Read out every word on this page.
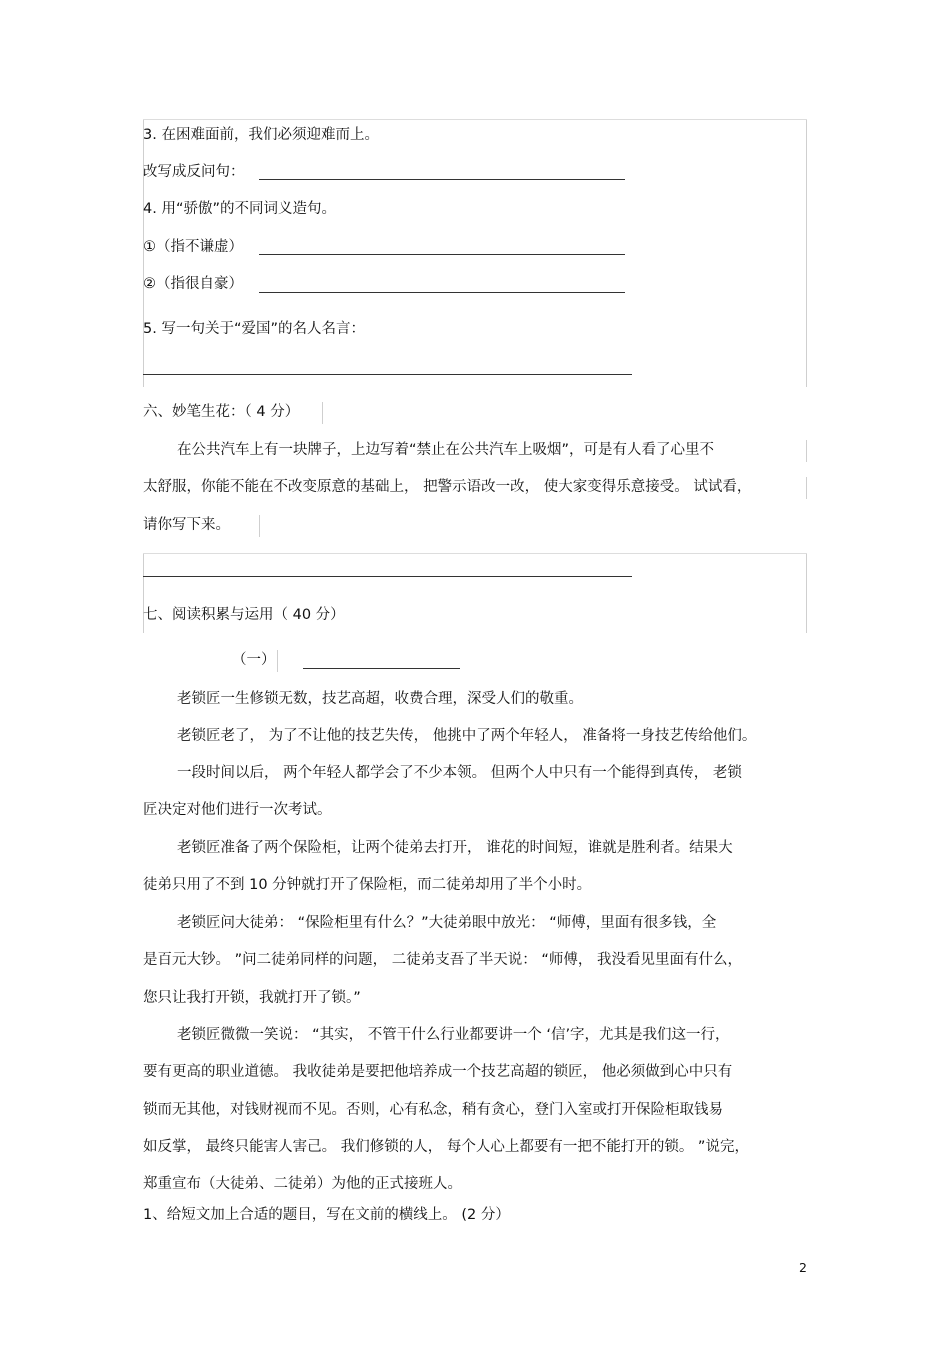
3. 在困难面前，我们必须迎难而上。
改写成反问句：
4. 用“骄傲”的不同词义造句。
①（指不谦虚）
②（指很自豪）
5. 写一句关于“爱国”的名人名言：
六、妙笔生花：（ 4 分）
在公共汽车上有一块牌子，上边写着“禁止在公共汽车上吸烟”，可是有人看了心里不
太舒服，你能不能在不改变原意的基础上， 把警示语改一改， 使大家变得乐意接受。 试试看，
请你写下来。
七、阅读积累与运用（ 40 分）
（一）
老锁匠一生修锁无数，技艺高超，收费合理，深受人们的敬重。
老锁匠老了， 为了不让他的技艺失传， 他挑中了两个年轻人， 准备将一身技艺传给他们。
一段时间以后， 两个年轻人都学会了不少本领。 但两个人中只有一个能得到真传， 老锁
匠决定对他们进行一次考试。
老锁匠准备了两个保险柜，让两个徒弟去打开， 谁花的时间短，谁就是胜利者。结果大
徒弟只用了不到 10 分钟就打开了保险柜，而二徒弟却用了半个小时。
老锁匠问大徒弟： “保险柜里有什么？”大徒弟眼中放光： “师傅，里面有很多钱，全
是百元大钞。 ”问二徒弟同样的问题， 二徒弟支吾了半天说： “师傅， 我没看见里面有什么，
您只让我打开锁，我就打开了锁。”
老锁匠微微一笑说： “其实， 不管干什么行业都要讲一个 ‘信’字，尤其是我们这一行，
要有更高的职业道德。 我收徒弟是要把他培养成一个技艺高超的锁匠， 他必须做到心中只有
锁而无其他，对钱财视而不见。否则，心有私念，稍有贪心，登门入室或打开保险柜取钱易
如反掌， 最终只能害人害己。 我们修锁的人， 每个人心上都要有一把不能打开的锁。 ”说完，
郑重宣布（大徒弟、二徒弟）为他的正式接班人。
1、给短文加上合适的题目，写在文前的横线上。 (2 分）
2
